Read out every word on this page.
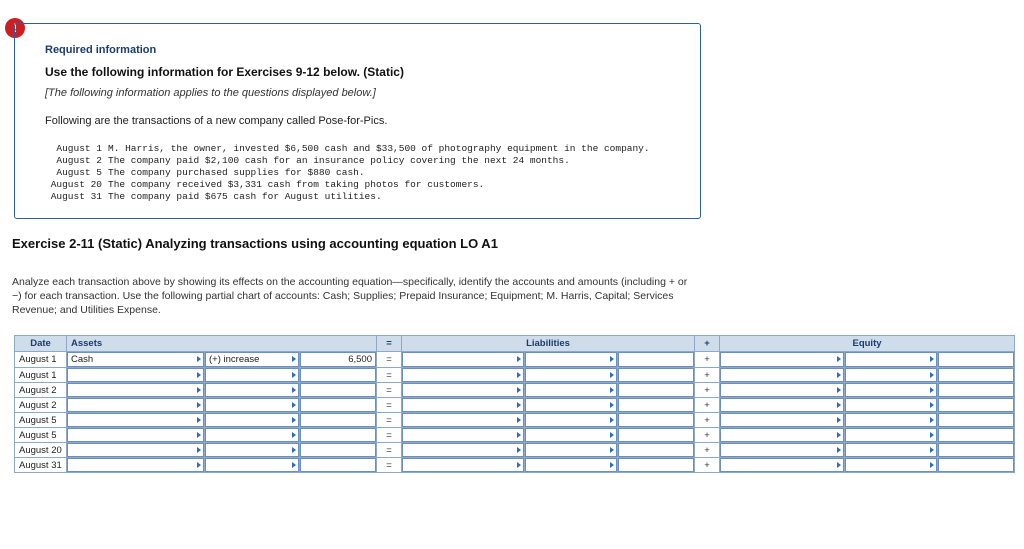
!
Required information
Use the following information for Exercises 9-12 below. (Static)
[The following information applies to the questions displayed below.]
Following are the transactions of a new company called Pose-for-Pics.
August 1 M. Harris, the owner, invested $6,500 cash and $33,500 of photography equipment in the company.
August 2 The company paid $2,100 cash for an insurance policy covering the next 24 months.
August 5 The company purchased supplies for $880 cash.
August 20 The company received $3,331 cash from taking photos for customers.
August 31 The company paid $675 cash for August utilities.
Exercise 2-11 (Static) Analyzing transactions using accounting equation LO A1
Analyze each transaction above by showing its effects on the accounting equation—specifically, identify the accounts and amounts (including + or −) for each transaction. Use the following partial chart of accounts: Cash; Supplies; Prepaid Insurance; Equipment; M. Harris, Capital; Services Revenue; and Utilities Expense.
Date	Assets			=	Liabilities			+	Equity		
August 1	Cash	(+) increase	6,500	=				+	

August 1				=				+	

August 2				=				+	

August 2				=				+	

August 5				=				+	

August 5				=				+	

August 20				=				+	

August 31				=				+	
